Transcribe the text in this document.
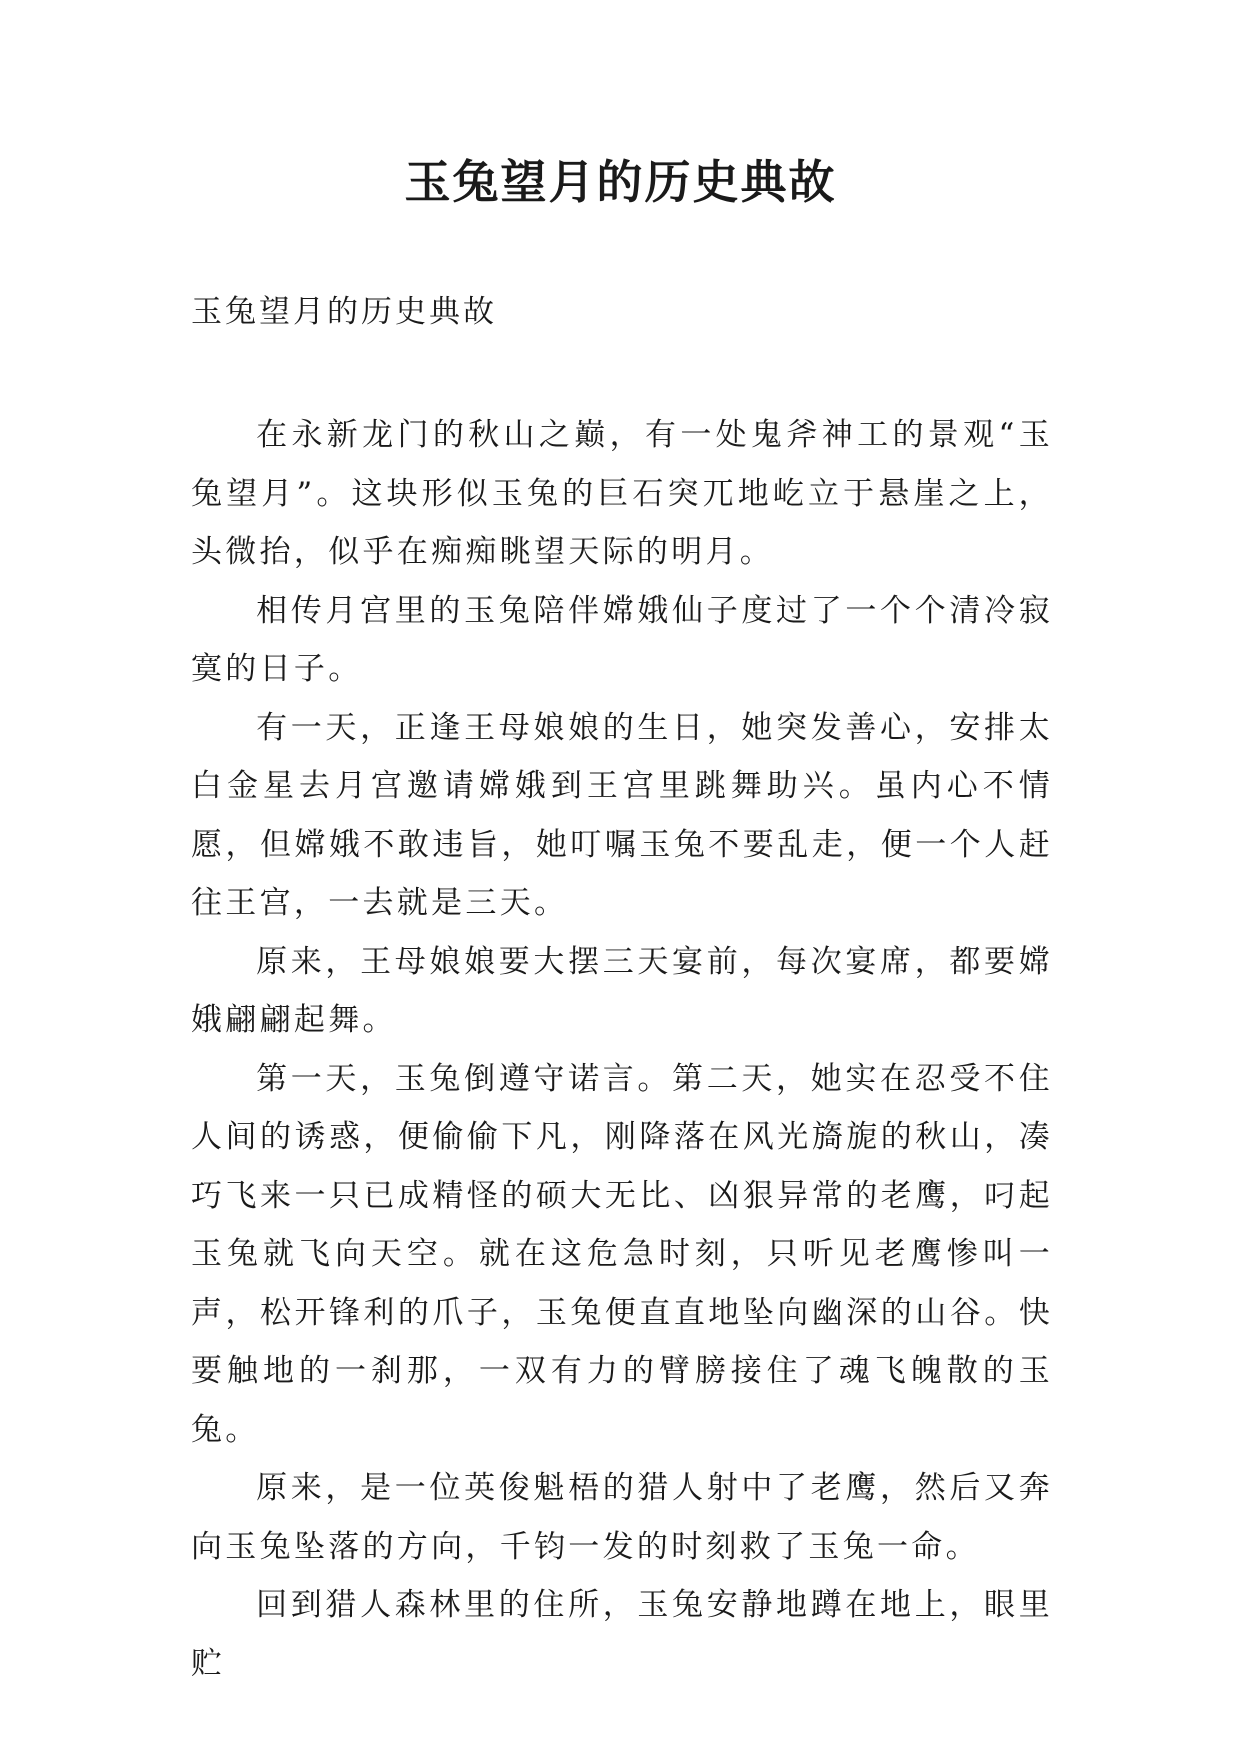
玉兔望月的历史典故

玉兔望月的历史典故

在永新龙门的秋山之巅，有一处鬼斧神工的景观“玉兔望月”。这块形似玉兔的巨石突兀地屹立于悬崖之上，头微抬，似乎在痴痴眺望天际的明月。

相传月宫里的玉兔陪伴嫦娥仙子度过了一个个清冷寂寞的日子。

有一天，正逢王母娘娘的生日，她突发善心，安排太白金星去月宫邀请嫦娥到王宫里跳舞助兴。虽内心不情愿，但嫦娥不敢违旨，她叮嘱玉兔不要乱走，便一个人赶往王宫，一去就是三天。

原来，王母娘娘要大摆三天宴前，每次宴席，都要嫦娥翩翩起舞。

第一天，玉兔倒遵守诺言。第二天，她实在忍受不住人间的诱惑，便偷偷下凡，刚降落在风光旖旎的秋山，凑巧飞来一只已成精怪的硕大无比、凶狠异常的老鹰，叼起玉兔就飞向天空。就在这危急时刻，只听见老鹰惨叫一声，松开锋利的爪子，玉兔便直直地坠向幽深的山谷。快要触地的一刹那，一双有力的臂膀接住了魂飞魄散的玉兔。

原来，是一位英俊魁梧的猎人射中了老鹰，然后又奔向玉兔坠落的方向，千钧一发的时刻救了玉兔一命。

回到猎人森林里的住所，玉兔安静地蹲在地上，眼里贮
